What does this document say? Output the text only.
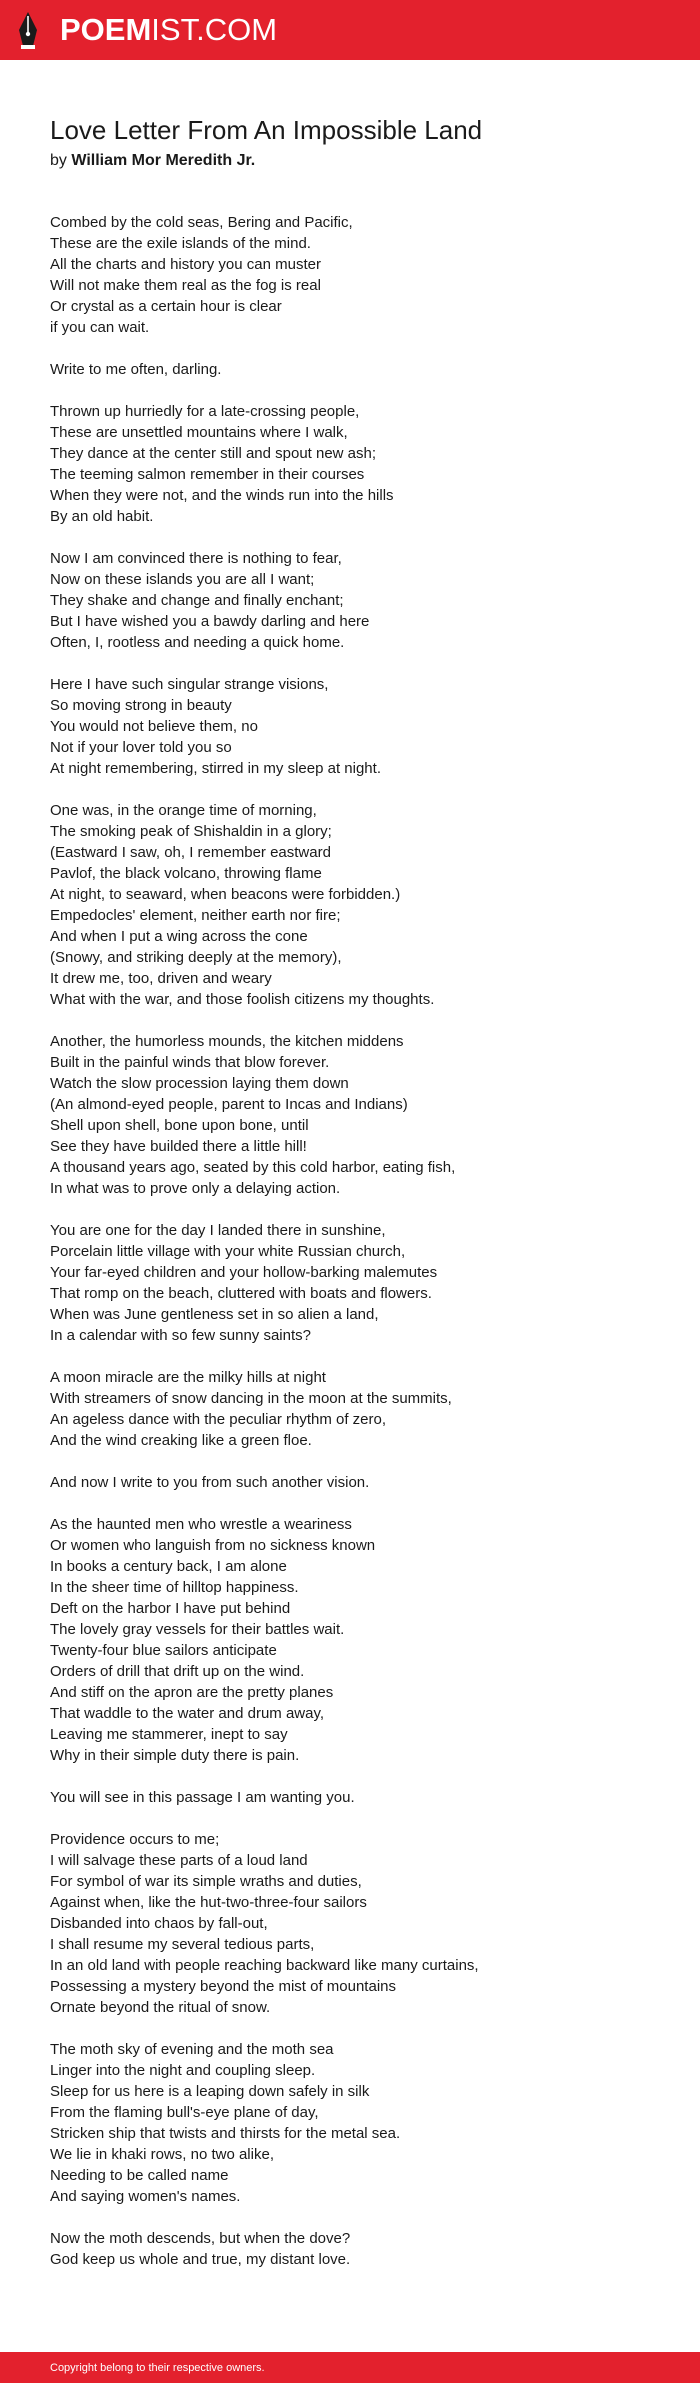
POEMIST.COM
Love Letter From An Impossible Land
by William Mor Meredith Jr.
Combed by the cold seas, Bering and Pacific,
These are the exile islands of the mind.
All the charts and history you can muster
Will not make them real as the fog is real
Or crystal as a certain hour is clear
if you can wait.
Write to me often, darling.
Thrown up hurriedly for a late-crossing people,
These are unsettled mountains where I walk,
They dance at the center still and spout new ash;
The teeming salmon remember in their courses
When they were not, and the winds run into the hills
By an old habit.
Now I am convinced there is nothing to fear,
Now on these islands you are all I want;
They shake and change and finally enchant;
But I have wished you a bawdy darling and here
Often, I, rootless and needing a quick home.
Here I have such singular strange visions,
So moving strong in beauty
You would not believe them, no
Not if your lover told you so
At night remembering, stirred in my sleep at night.
One was, in the orange time of morning,
The smoking peak of Shishaldin in a glory;
(Eastward I saw, oh, I remember eastward
Pavlof, the black volcano, throwing flame
At night, to seaward, when beacons were forbidden.)
Empedocles' element, neither earth nor fire;
And when I put a wing across the cone
(Snowy, and striking deeply at the memory),
It drew me, too, driven and weary
What with the war, and those foolish citizens my thoughts.
Another, the humorless mounds, the kitchen middens
Built in the painful winds that blow forever.
Watch the slow procession laying them down
(An almond-eyed people, parent to Incas and Indians)
Shell upon shell, bone upon bone, until
See they have builded there a little hill!
A thousand years ago, seated by this cold harbor, eating fish,
In what was to prove only a delaying action.
You are one for the day I landed there in sunshine,
Porcelain little village with your white Russian church,
Your far-eyed children and your hollow-barking malemutes
That romp on the beach, cluttered with boats and flowers.
When was June gentleness set in so alien a land,
In a calendar with so few sunny saints?
A moon miracle are the milky hills at night
With streamers of snow dancing in the moon at the summits,
An ageless dance with the peculiar rhythm of zero,
And the wind creaking like a green floe.
And now I write to you from such another vision.
As the haunted men who wrestle a weariness
Or women who languish from no sickness known
In books a century back, I am alone
In the sheer time of hilltop happiness.
Deft on the harbor I have put behind
The lovely gray vessels for their battles wait.
Twenty-four blue sailors anticipate
Orders of drill that drift up on the wind.
And stiff on the apron are the pretty planes
That waddle to the water and drum away,
Leaving me stammerer, inept to say
Why in their simple duty there is pain.
You will see in this passage I am wanting you.
Providence occurs to me;
I will salvage these parts of a loud land
For symbol of war its simple wraths and duties,
Against when, like the hut-two-three-four sailors
Disbanded into chaos by fall-out,
I shall resume my several tedious parts,
In an old land with people reaching backward like many curtains,
Possessing a mystery beyond the mist of mountains
Ornate beyond the ritual of snow.
The moth sky of evening and the moth sea
Linger into the night and coupling sleep.
Sleep for us here is a leaping down safely in silk
From the flaming bull's-eye plane of day,
Stricken ship that twists and thirsts for the metal sea.
We lie in khaki rows, no two alike,
Needing to be called name
And saying women's names.
Now the moth descends, but when the dove?
God keep us whole and true, my distant love.
Copyright belong to their respective owners.
